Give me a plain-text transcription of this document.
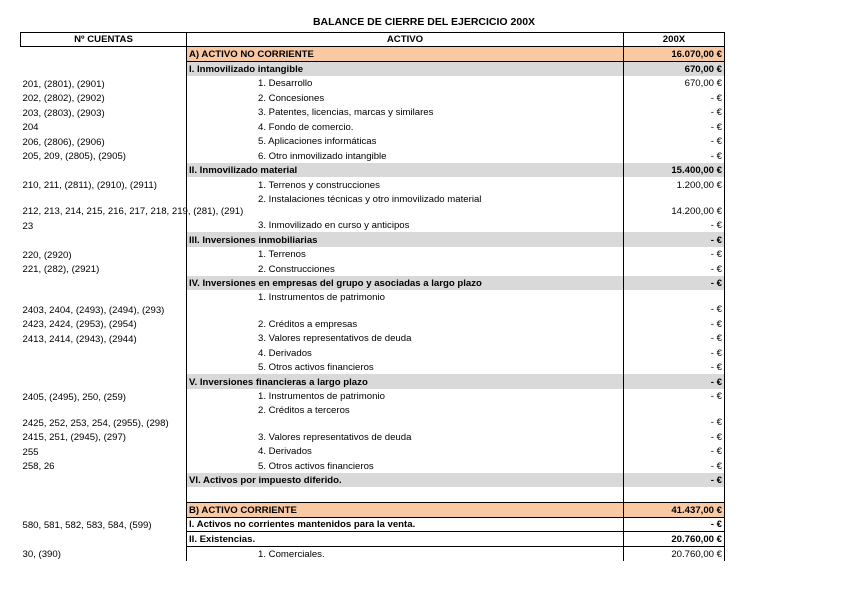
BALANCE DE CIERRE DEL EJERCICIO 200X
Nº CUENTAS	ACTIVO	200X
	A) ACTIVO NO CORRIENTE	16.070,00 €
	I. Inmovilizado intangible	670,00 €
201, (2801), (2901)	1. Desarrollo	670,00 €
202, (2802), (2902)	2. Concesiones	- €
203, (2803), (2903)	3. Patentes, licencias, marcas y similares	- €
204	4. Fondo de comercio.	- €
206, (2806), (2906)	5. Aplicaciones informáticas	- €
205, 209, (2805), (2905)	6. Otro inmovilizado intangible	- €
	II. Inmovilizado material	15.400,00 €
210, 211, (2811), (2910), (2911)	1. Terrenos y construcciones	1.200,00 €
212, 213, 214, 215, 216, 217, 218, 219, (281), (291)	2. Instalaciones técnicas y otro inmovilizado material	14.200,00 €
23	3. Inmovilizado en curso y anticipos	- €
	III. Inversiones inmobiliarias	- €
220, (2920)	1. Terrenos	- €
221, (282), (2921)	2. Construcciones	- €
	IV. Inversiones en empresas del grupo y asociadas a largo plazo	- €
2403, 2404, (2493), (2494), (293)	1. Instrumentos de patrimonio	- €
2423, 2424, (2953), (2954)	2. Créditos a empresas	- €
2413, 2414, (2943), (2944)	3. Valores representativos de deuda	- €
	4. Derivados	- €
	5. Otros activos financieros	- €
	V. Inversiones financieras a largo plazo	- €
2405, (2495), 250, (259)	1. Instrumentos de patrimonio	- €
2425, 252, 253, 254, (2955), (298)	2. Créditos a terceros	- €
2415, 251, (2945), (297)	3. Valores representativos de deuda	- €
255	4. Derivados	- €
258, 26	5. Otros activos financieros	- €
	VI. Activos por impuesto diferido.	- €

	B) ACTIVO CORRIENTE	41.437,00 €
580, 581, 582, 583, 584, (599)	I. Activos no corrientes mantenidos para la venta.	- €
	II. Existencias.	20.760,00 €
30, (390)	1. Comerciales.	20.760,00 €
